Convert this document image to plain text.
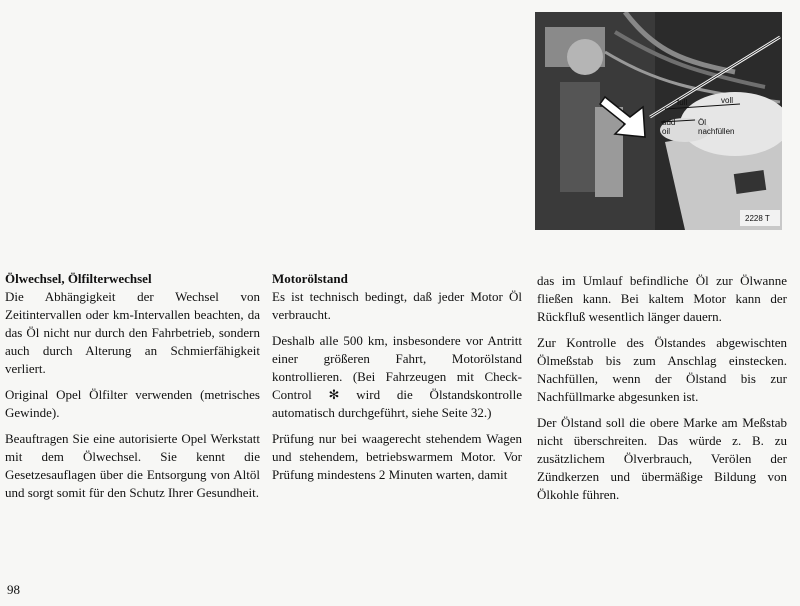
full	voll
add
oil
Öl
nachfüllen
2228 T
Ölwechsel, Ölfilterwechsel

Die Abhängigkeit der Wechsel von Zeitintervallen oder km-Intervallen beachten, da das Öl nicht nur durch den Fahrbetrieb, sondern auch durch Alterung an Schmierfähigkeit verliert.

Original Opel Ölfilter verwenden (metrisches Gewinde).

Beauftragen Sie eine autorisierte Opel Werkstatt mit dem Ölwechsel. Sie kennt die Gesetzesauflagen über die Entsorgung von Altöl und sorgt somit für den Schutz Ihrer Gesundheit.

Motorölstand

Es ist technisch bedingt, daß jeder Motor Öl verbraucht.

Deshalb alle 500 km, insbesondere vor Antritt einer größeren Fahrt, Motorölstand kontrollieren. (Bei Fahrzeugen mit Check-Control ✻ wird die Ölstandskontrolle automatisch durchgeführt, siehe Seite 32.)

Prüfung nur bei waagerecht stehendem Wagen und stehendem, betriebswarmem Motor. Vor Prüfung mindestens 2 Minuten warten, damit

das im Umlauf befindliche Öl zur Ölwanne fließen kann. Bei kaltem Motor kann der Rückfluß wesentlich länger dauern.

Zur Kontrolle des Ölstandes abgewischten Ölmeßstab bis zum Anschlag einstecken. Nachfüllen, wenn der Ölstand bis zur Nachfüllmarke abgesunken ist.

Der Ölstand soll die obere Marke am Meßstab nicht überschreiten. Das würde z. B. zu zusätzlichem Ölverbrauch, Verölen der Zündkerzen und übermäßige Bildung von Ölkohle führen.

98
